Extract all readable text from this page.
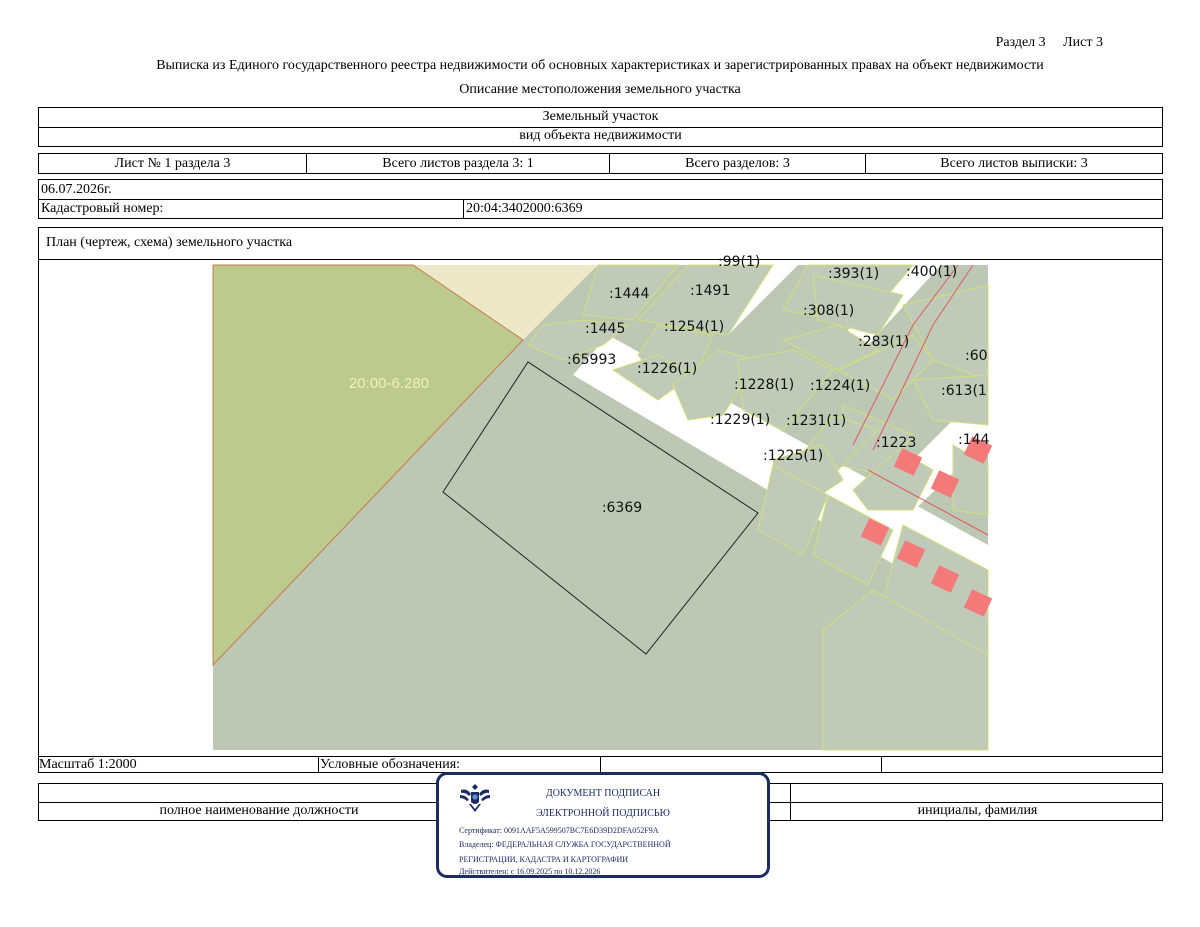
Раздел 3 Лист 3
Выписка из Единого государственного реестра недвижимости об основных характеристиках и зарегистрированных правах на объект недвижимости
Описание местоположения земельного участка
Земельный участок
вид объекта недвижимости
Лист № 1 раздела 3	Всего листов раздела 3: 1	Всего разделов: 3	Всего листов выписки: 3
06.07.2026г.
Кадастровый номер:	20:04:3402000:6369
План (чертеж, схема) земельного участка
Масштаб 1:2000	Условные обозначения:
20:00-6.280
:6369
:393(1) :400(1)
:1444	:1491
:308(1)
:1445	:1254(1)
:283(1)
:65993
:1226(1)
:1228(1) :1224(1)
:60
:613(1
:1229(1) :1231(1)
:1223	:144
:1225(1)
:99(1)
полное наименование должности	инициалы, фамилия
ДОКУМЕНТ ПОДПИСАН
ЭЛЕКТРОННОЙ ПОДПИСЬЮ
Сертификат: 0091AAF5A599507BC7E6D39D2DFA052F9A
Владелец: ФЕДЕРАЛЬНАЯ СЛУЖБА ГОСУДАРСТВЕННОЙ
РЕГИСТРАЦИИ, КАДАСТРА И КАРТОГРАФИИ
Действителен: с 16.09.2025 по 10.12.2026
